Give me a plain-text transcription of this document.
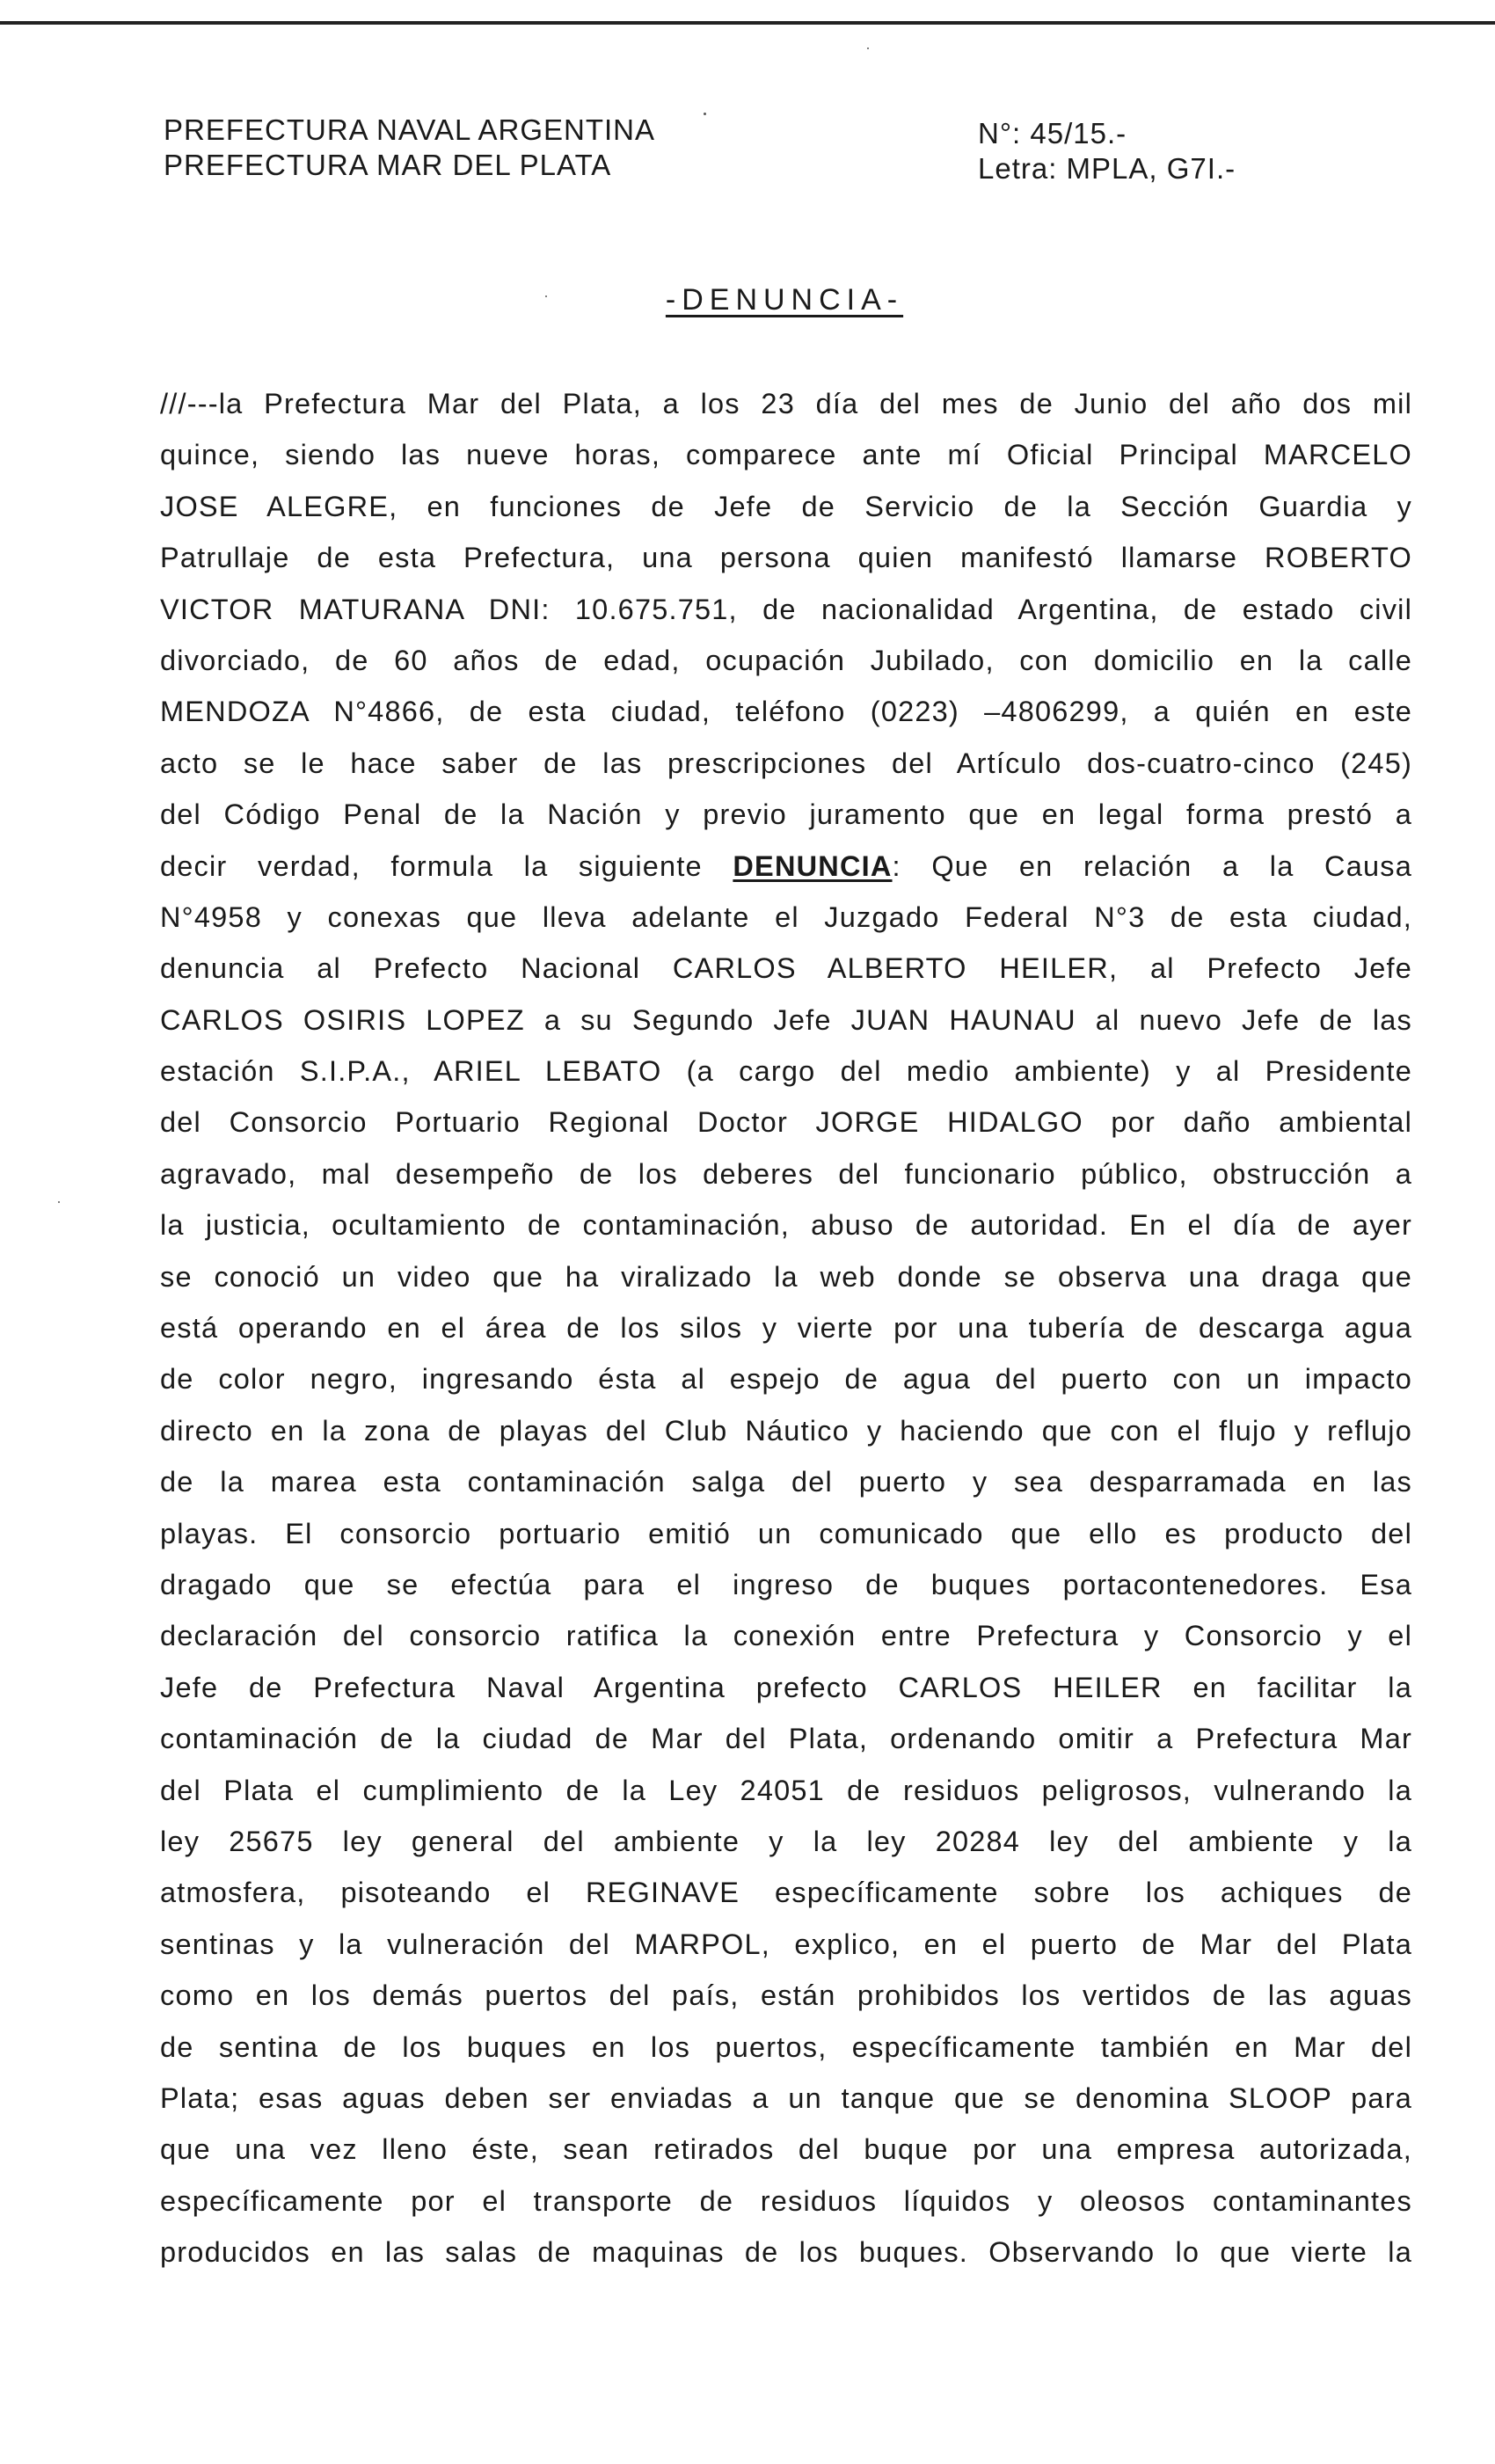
PREFECTURA NAVAL ARGENTINA
PREFECTURA MAR DEL PLATA
N°: 45/15.-
Letra: MPLA, G7I.-
-DENUNCIA-
///---la Prefectura Mar del Plata, a los 23 día del mes de Junio del año dos mil
quince, siendo las nueve horas, comparece ante mí Oficial Principal MARCELO
JOSE ALEGRE, en funciones de Jefe de Servicio de la Sección Guardia y
Patrullaje de esta Prefectura, una persona quien manifestó llamarse ROBERTO
VICTOR MATURANA DNI: 10.675.751, de nacionalidad Argentina, de estado civil
divorciado, de 60 años de edad, ocupación Jubilado, con domicilio en la calle
MENDOZA N°4866, de esta ciudad, teléfono (0223) –4806299, a quién en este
acto se le hace saber de las prescripciones del Artículo dos-cuatro-cinco (245)
del Código Penal de la Nación y previo juramento que en legal forma prestó a
decir verdad, formula la siguiente DENUNCIA: Que en relación a la Causa
N°4958 y conexas que lleva adelante el Juzgado Federal N°3 de esta ciudad,
denuncia al Prefecto Nacional CARLOS ALBERTO HEILER, al Prefecto Jefe
CARLOS OSIRIS LOPEZ a su Segundo Jefe JUAN HAUNAU al nuevo Jefe de las
estación S.I.P.A., ARIEL LEBATO (a cargo del medio ambiente) y al Presidente
del Consorcio Portuario Regional Doctor JORGE HIDALGO por daño ambiental
agravado, mal desempeño de los deberes del funcionario público, obstrucción a
la justicia, ocultamiento de contaminación, abuso de autoridad. En el día de ayer
se conoció un video que ha viralizado la web donde se observa una draga que
está operando en el área de los silos y vierte por una tubería de descarga agua
de color negro, ingresando ésta al espejo de agua del puerto con un impacto
directo en la zona de playas del Club Náutico y haciendo que con el flujo y reflujo
de la marea esta contaminación salga del puerto y sea desparramada en las
playas. El consorcio portuario emitió un comunicado que ello es producto del
dragado que se efectúa para el ingreso de buques portacontenedores. Esa
declaración del consorcio ratifica la conexión entre Prefectura y Consorcio y el
Jefe de Prefectura Naval Argentina prefecto CARLOS HEILER en facilitar la
contaminación de la ciudad de Mar del Plata, ordenando omitir a Prefectura Mar
del Plata el cumplimiento de la Ley 24051 de residuos peligrosos, vulnerando la
ley 25675 ley general del ambiente y la ley 20284 ley del ambiente y la
atmosfera, pisoteando el REGINAVE específicamente sobre los achiques de
sentinas y la vulneración del MARPOL, explico, en el puerto de Mar del Plata
como en los demás puertos del país, están prohibidos los vertidos de las aguas
de sentina de los buques en los puertos, específicamente también en Mar del
Plata; esas aguas deben ser enviadas a un tanque que se denomina SLOOP para
que una vez lleno éste, sean retirados del buque por una empresa autorizada,
específicamente por el transporte de residuos líquidos y oleosos contaminantes
producidos en las salas de maquinas de los buques. Observando lo que vierte la
